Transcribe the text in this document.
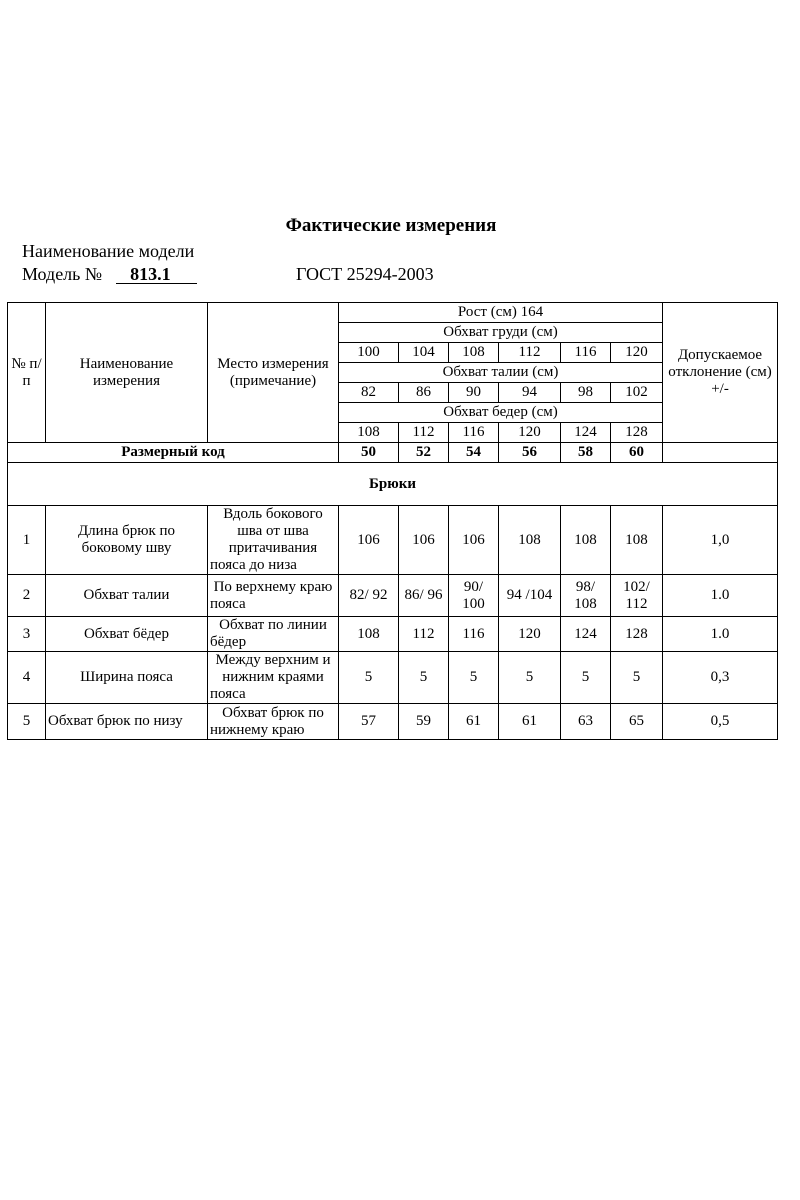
Фактические измерения
Наименование модели
Модель № 813.1	ГОСТ 25294-2003
№ п/ п	Наименование измерения	Место измерения (примечание)	Рост (см) 164						Допускаемое отклонение (см) +/-
			Обхват груди (см)						
			100	104	108	112	116	120	
			Обхват талии (см)						
			82	86	90	94	98	102	
			Обхват бедер (см)						
			108	112	116	120	124	128	
Размерный код			50	52	54	56	58	60	
Брюки									
1	Длина брюк по боковому шву	Вдоль бокового шва от шва притачивания пояса до низа	106	106	106	108	108	108	1,0
2	Обхват талии	По верхнему краю пояса	82/ 92	86/ 96	90/ 100	94 /104	98/ 108	102/ 112	1.0
3	Обхват бёдер	Обхват по линии бёдер	108	112	116	120	124	128	1.0
4	Ширина пояса	Между верхним и нижним краями пояса	5	5	5	5	5	5	0,3
5	Обхват брюк по низу	Обхват брюк по нижнему краю	57	59	61	61	63	65	0,5
